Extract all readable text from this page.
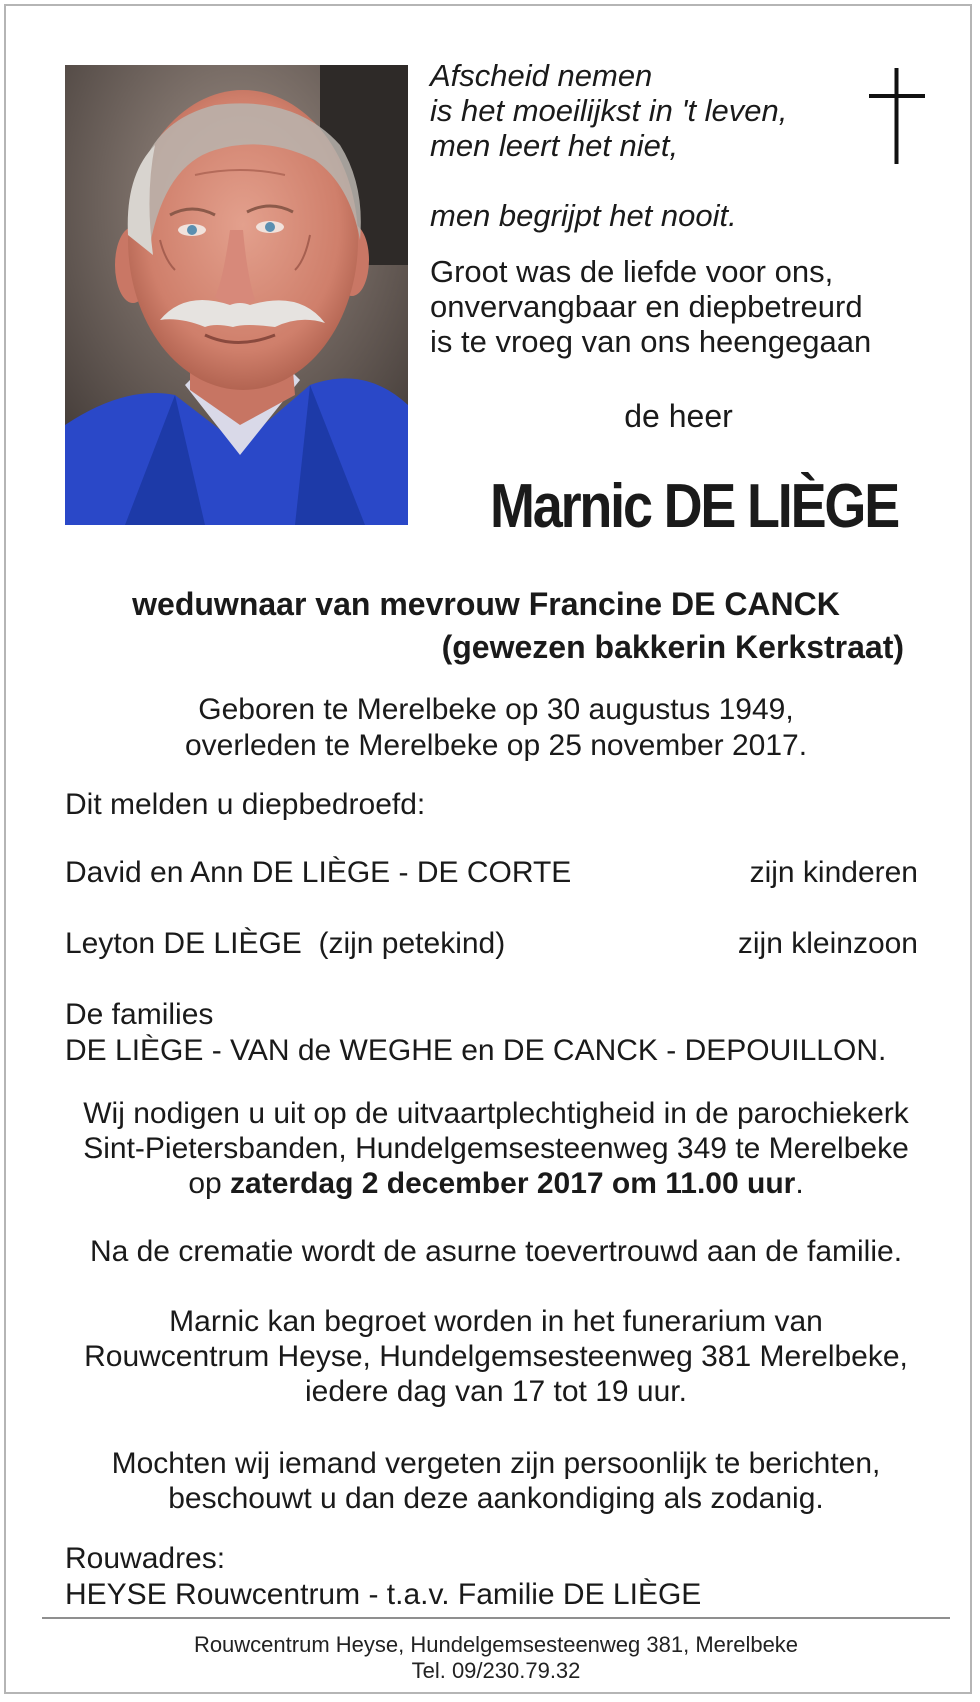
Afscheid nemen
is het moeilijkst in 't leven,
men leert het niet,
men begrijpt het nooit.
Groot was de liefde voor ons,
onvervangbaar en diepbetreurd
is te vroeg van ons heengegaan
de heer
Marnic DE LIÈGE
weduwnaar van mevrouw Francine DE CANCK
(gewezen bakkerin Kerkstraat)
Geboren te Merelbeke op 30 augustus 1949,
overleden te Merelbeke op 25 november 2017.
Dit melden u diepbedroefd:
David en Ann DE LIÈGE - DE CORTE	zijn kinderen
Leyton DE LIÈGE  (zijn petekind)	zijn kleinzoon
De families
DE LIÈGE - VAN de WEGHE en DE CANCK - DEPOUILLON.
Wij nodigen u uit op de uitvaartplechtigheid in de parochiekerk
Sint-Pietersbanden, Hundelgemsesteenweg 349 te Merelbeke
op zaterdag 2 december 2017 om 11.00 uur.
Na de crematie wordt de asurne toevertrouwd aan de familie.
Marnic kan begroet worden in het funerarium van
Rouwcentrum Heyse, Hundelgemsesteenweg 381 Merelbeke,
iedere dag van 17 tot 19 uur.
Mochten wij iemand vergeten zijn persoonlijk te berichten,
beschouwt u dan deze aankondiging als zodanig.
Rouwadres:
HEYSE Rouwcentrum - t.a.v. Familie DE LIÈGE
Rouwcentrum Heyse, Hundelgemsesteenweg 381, Merelbeke
Tel. 09/230.79.32
